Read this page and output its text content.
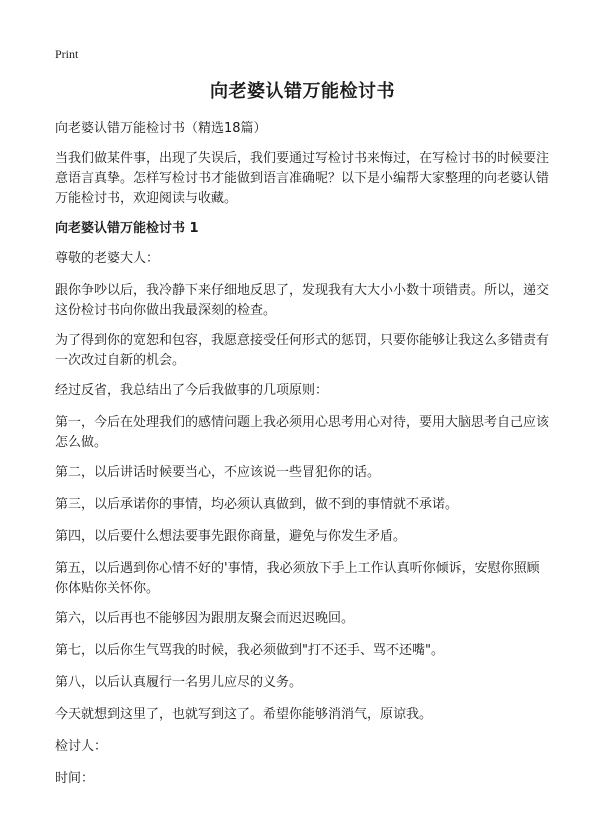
Print
向老婆认错万能检讨书
向老婆认错万能检讨书（精选18篇）
当我们做某件事，出现了失误后，我们要通过写检讨书来悔过，在写检讨书的时候要注意语言真挚。怎样写检讨书才能做到语言准确呢？以下是小编帮大家整理的向老婆认错万能检讨书，欢迎阅读与收藏。
向老婆认错万能检讨书 1
尊敬的老婆大人：
跟你争吵以后，我冷静下来仔细地反思了，发现我有大大小小数十项错责。所以，递交这份检讨书向你做出我最深刻的检查。
为了得到你的宽恕和包容，我愿意接受任何形式的惩罚，只要你能够让我这么多错责有一次改过自新的机会。
经过反省，我总结出了今后我做事的几项原则：
第一，今后在处理我们的感情问题上我必须用心思考用心对待，要用大脑思考自己应该怎么做。
第二，以后讲话时候要当心，不应该说一些冒犯你的话。
第三，以后承诺你的事情，均必须认真做到，做不到的事情就不承诺。
第四，以后要什么想法要事先跟你商量，避免与你发生矛盾。
第五，以后遇到你心情不好的'事情，我必须放下手上工作认真听你倾诉，安慰你照顾你体贴你关怀你。
第六，以后再也不能够因为跟朋友聚会而迟迟晚回。
第七，以后你生气骂我的时候，我必须做到"打不还手、骂不还嘴"。
第八，以后认真履行一名男儿应尽的义务。
今天就想到这里了，也就写到这了。希望你能够消消气，原谅我。
检讨人：
时间：
